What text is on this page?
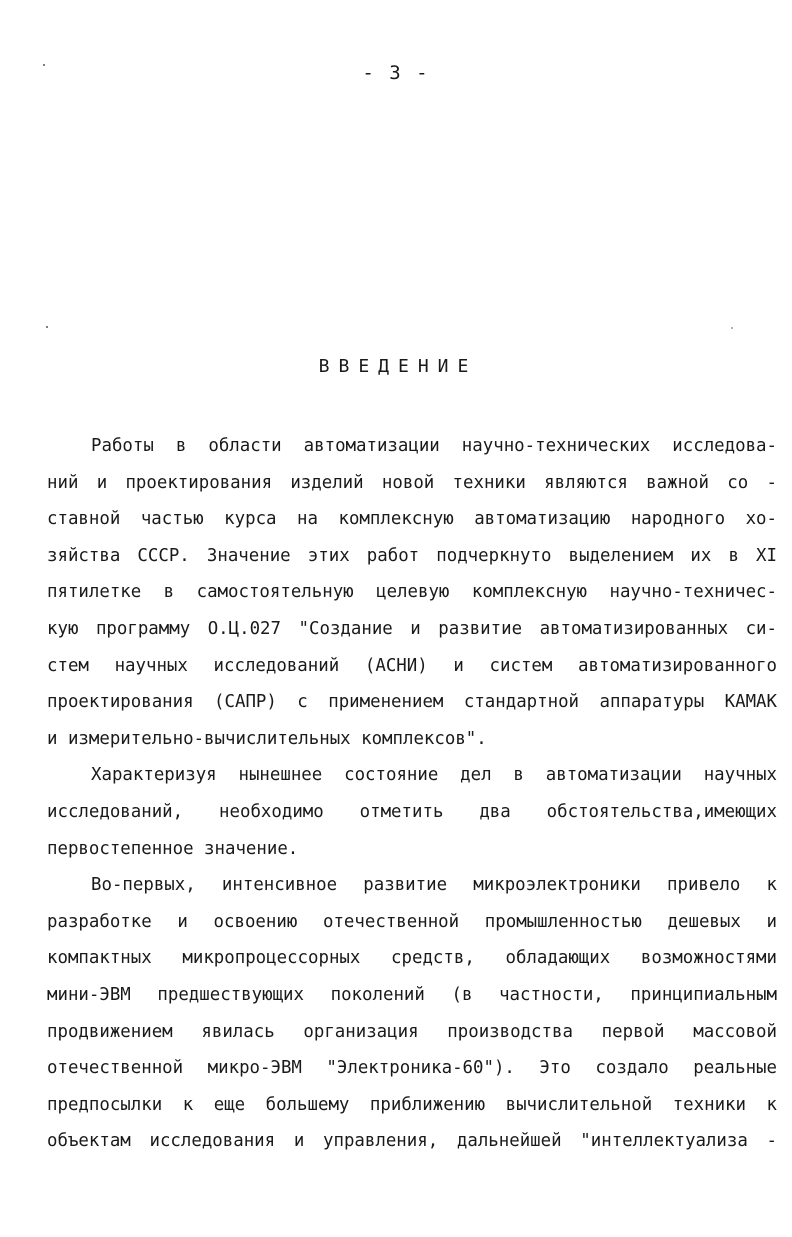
- 3 -
ВВЕДЕНИЕ
Работы в области автоматизации научно-технических исследова-
ний и проектирования изделий новой техники являются важной со -
ставной частью курса на комплексную автоматизацию народного хо-
зяйства СССР. Значение этих работ подчеркнуто выделением их в XI
пятилетке в самостоятельную целевую комплексную научно-техничес-
кую программу О.Ц.027 "Создание и развитие автоматизированных си-
стем научных исследований (АСНИ) и систем автоматизированного
проектирования (САПР) с применением стандартной аппаратуры КАМАК
и измерительно-вычислительных комплексов".
Характеризуя нынешнее состояние дел в автоматизации научных
исследований, необходимо отметить два обстоятельства,имеющих
первостепенное значение.
Во-первых, интенсивное развитие микроэлектроники привело к
разработке и освоению отечественной промышленностью дешевых и
компактных микропроцессорных средств, обладающих возможностями
мини-ЭВМ предшествующих поколений (в частности, принципиальным
продвижением явилась организация производства первой массовой
отечественной микро-ЭВМ "Электроника-60"). Это создало реальные
предпосылки к еще большему приближению вычислительной техники к
объектам исследования и управления, дальнейшей "интеллектуализа -
